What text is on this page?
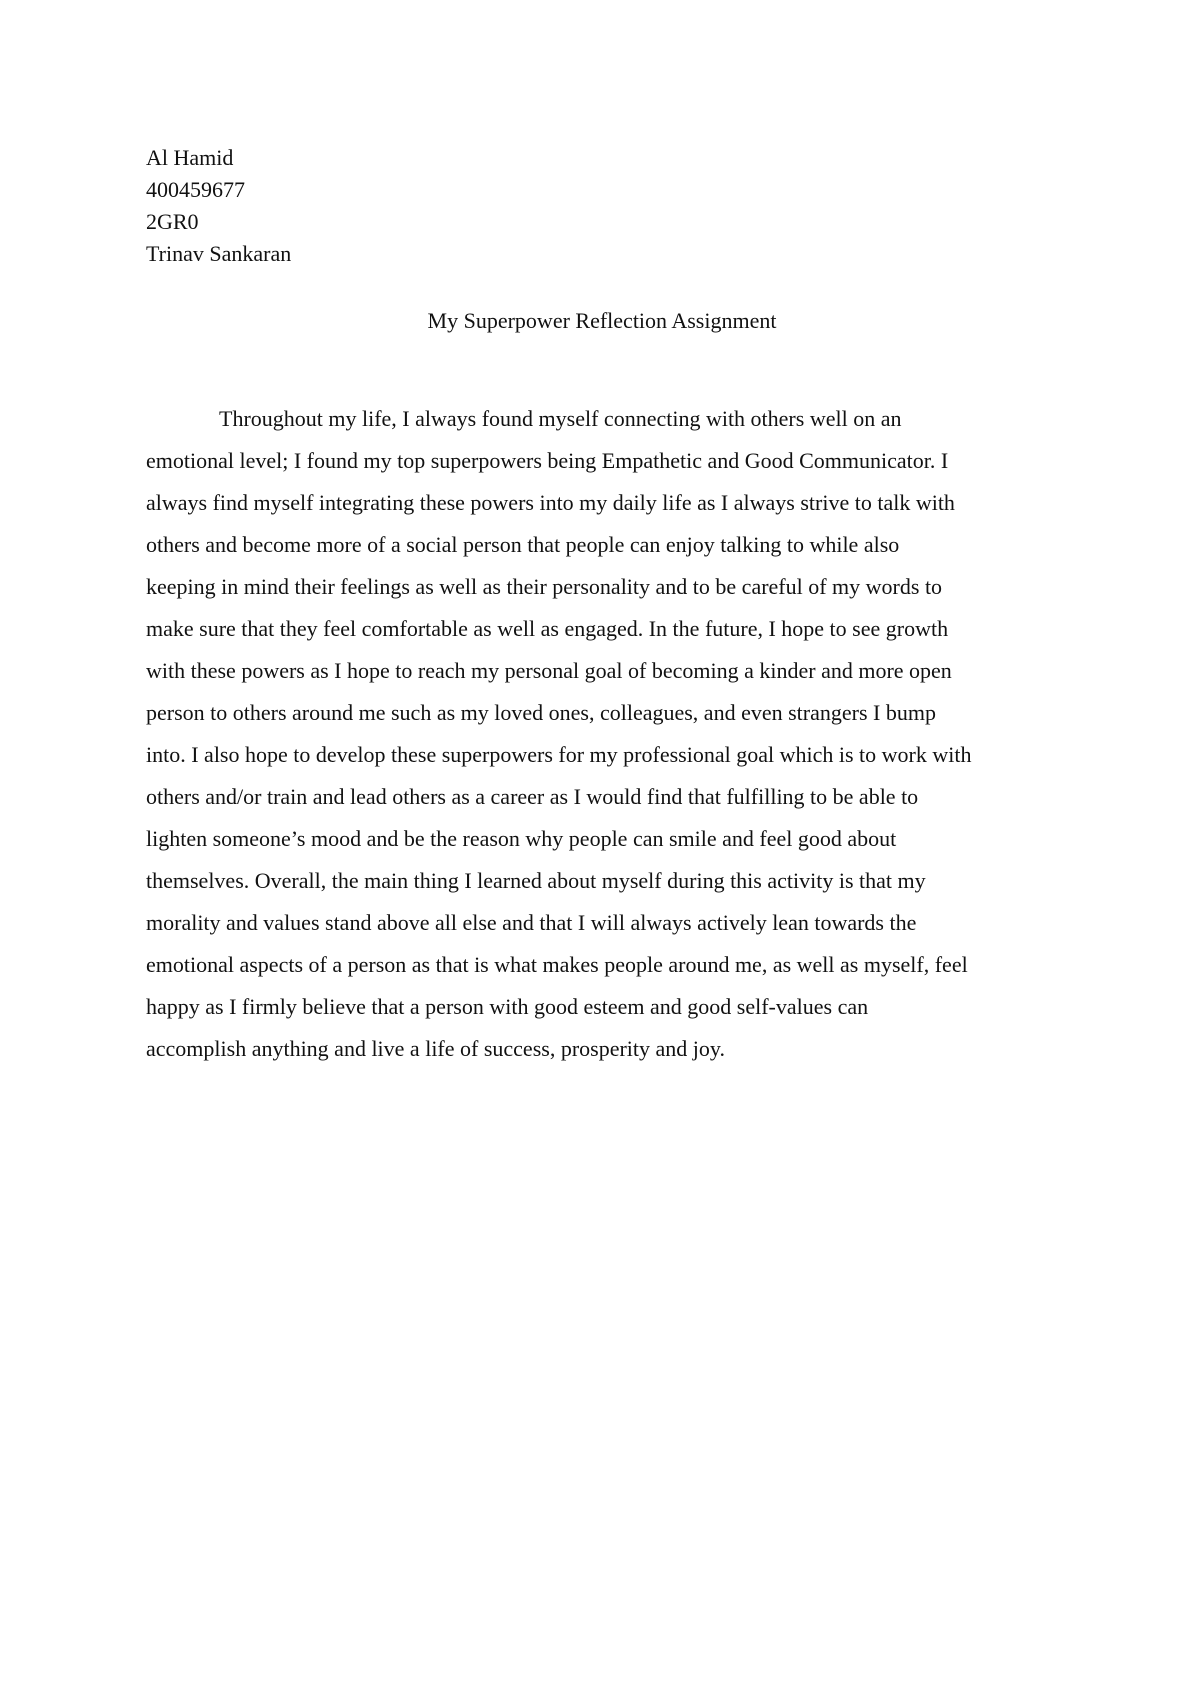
Al Hamid
400459677
2GR0
Trinav Sankaran
My Superpower Reflection Assignment
Throughout my life, I always found myself connecting with others well on an
emotional level; I found my top superpowers being Empathetic and Good Communicator. I
always find myself integrating these powers into my daily life as I always strive to talk with
others and become more of a social person that people can enjoy talking to while also
keeping in mind their feelings as well as their personality and to be careful of my words to
make sure that they feel comfortable as well as engaged. In the future, I hope to see growth
with these powers as I hope to reach my personal goal of becoming a kinder and more open
person to others around me such as my loved ones, colleagues, and even strangers I bump
into. I also hope to develop these superpowers for my professional goal which is to work with
others and/or train and lead others as a career as I would find that fulfilling to be able to
lighten someone’s mood and be the reason why people can smile and feel good about
themselves. Overall, the main thing I learned about myself during this activity is that my
morality and values stand above all else and that I will always actively lean towards the
emotional aspects of a person as that is what makes people around me, as well as myself, feel
happy as I firmly believe that a person with good esteem and good self-values can
accomplish anything and live a life of success, prosperity and joy.
